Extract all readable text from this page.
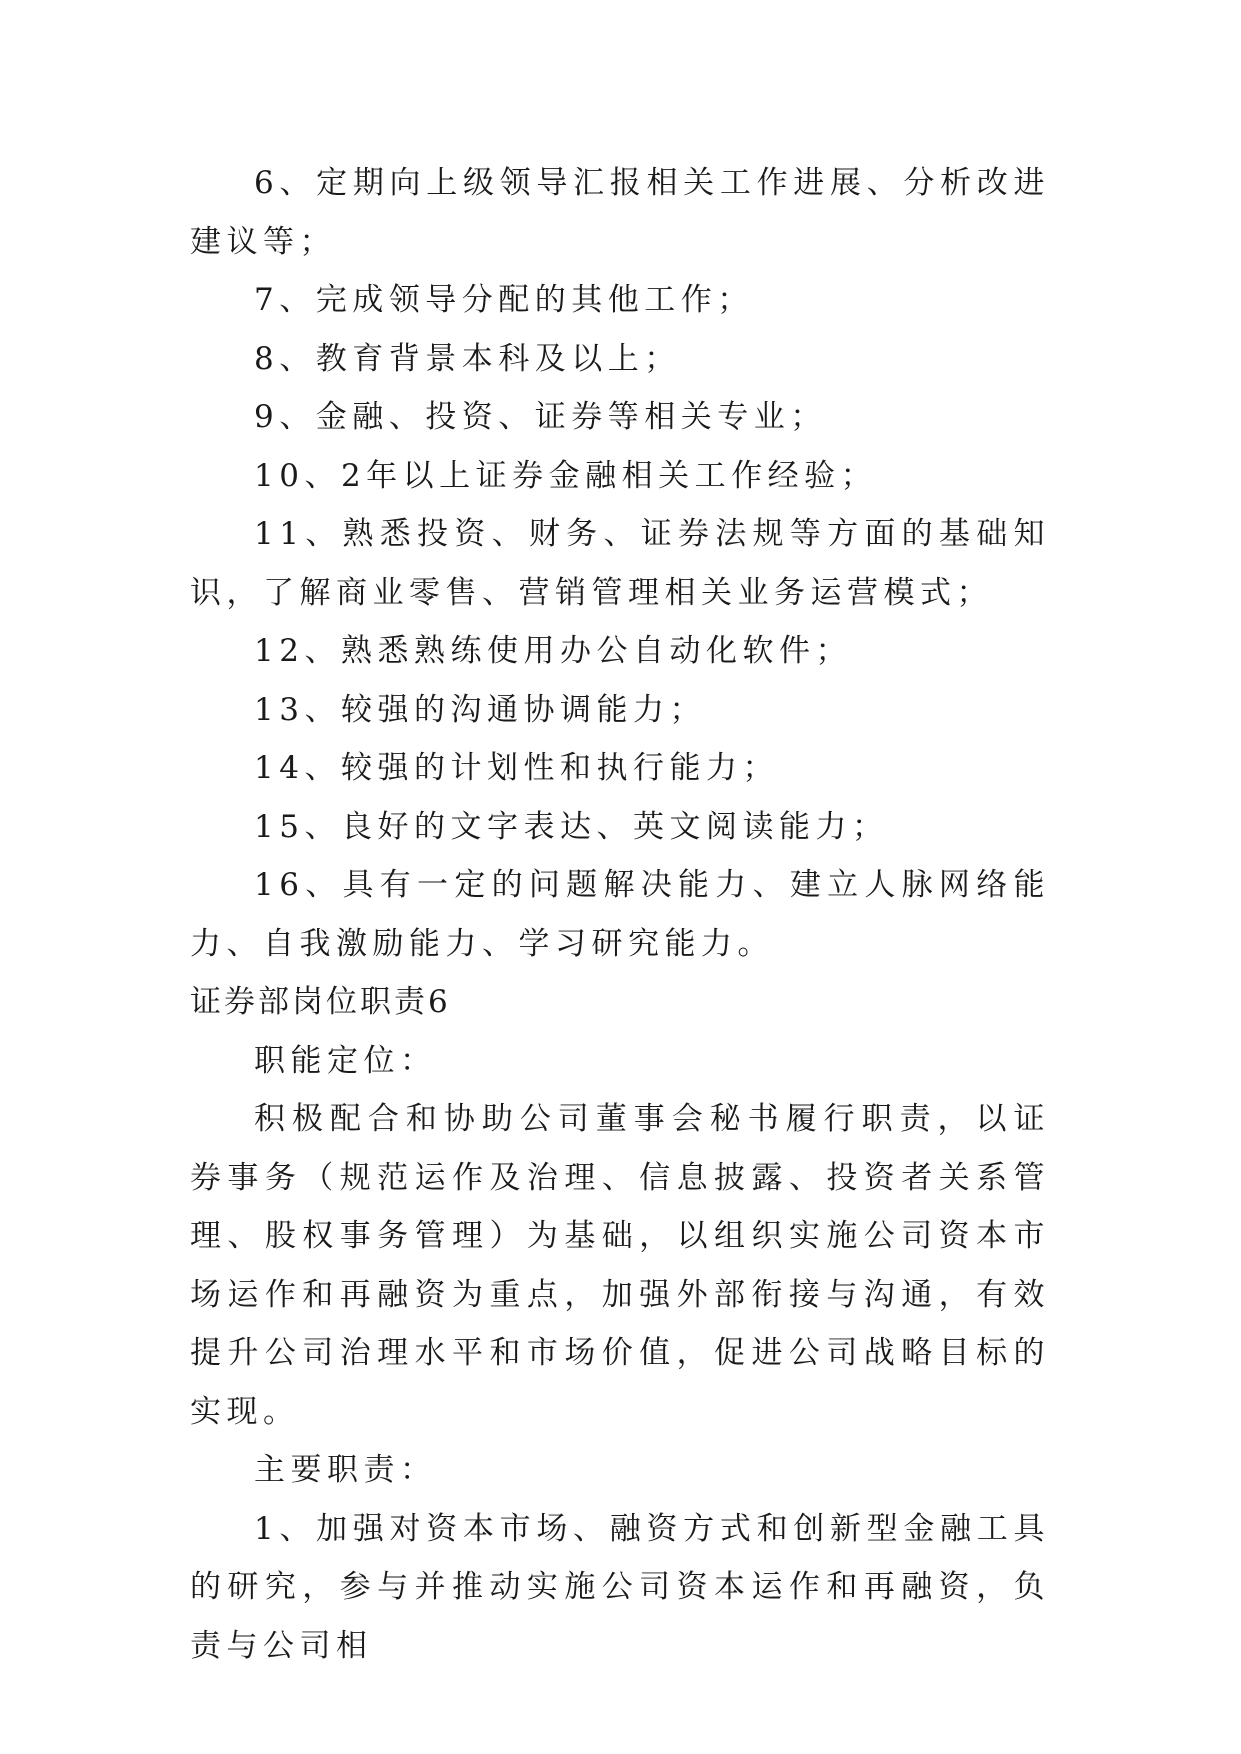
6、定期向上级领导汇报相关工作进展、分析改进建议等；

7、完成领导分配的其他工作；

8、教育背景本科及以上；

9、金融、投资、证券等相关专业；

10、2年以上证券金融相关工作经验；

11、熟悉投资、财务、证券法规等方面的基础知识，了解商业零售、营销管理相关业务运营模式；

12、熟悉熟练使用办公自动化软件；

13、较强的沟通协调能力；

14、较强的计划性和执行能力；

15、良好的文字表达、英文阅读能力；

16、具有一定的问题解决能力、建立人脉网络能力、自我激励能力、学习研究能力。

证券部岗位职责6

职能定位：

积极配合和协助公司董事会秘书履行职责，以证券事务（规范运作及治理、信息披露、投资者关系管理、股权事务管理）为基础，以组织实施公司资本市场运作和再融资为重点，加强外部衔接与沟通，有效提升公司治理水平和市场价值，促进公司战略目标的实现。

主要职责：

1、加强对资本市场、融资方式和创新型金融工具的研究，参与并推动实施公司资本运作和再融资，负责与公司相
